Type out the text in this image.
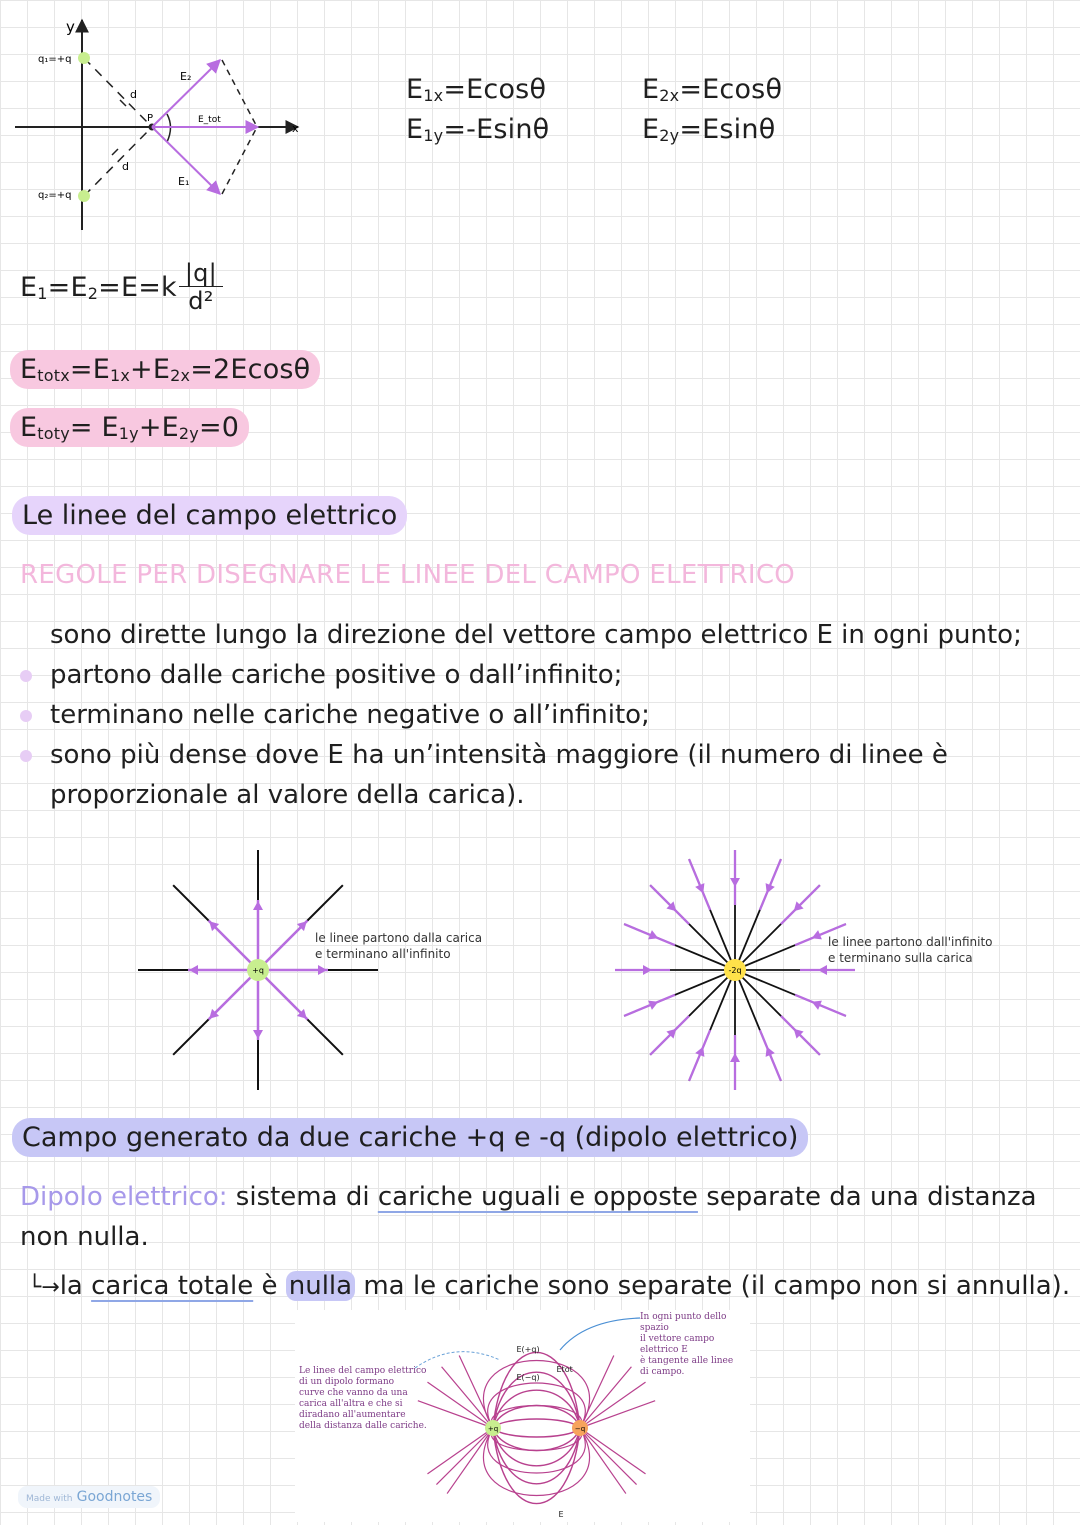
y
x
q₁=+q
q₂=+q
d
d
P
E₂
E₁
E_tot
E1x=Ecosθ
E1y=-Esinθ
E2x=Ecosθ
E2y=Esinθ
$E1=E2=E=k \frac{|q|}{\text{d²}}$
Etotx=E1x+E2x=2Ecosθ
Etoty= E1y+E2y=0
Le linee del campo elettrico
REGOLE PER DISEGNARE LE LINEE DEL CAMPO ELETTRICO
sono dirette lungo la direzione del vettore campo elettrico E in ogni punto;
partono dalle cariche positive o dall’infinito;
terminano nelle cariche negative o all’infinito;
sono più dense dove E ha un’intensità maggiore (il numero di linee è
proporzionale al valore della carica).
+q
le linee partono dalla carica
e terminano all'infinito
-2q
le linee partono dall'infinito
e terminano sulla carica
Campo generato da due cariche +q e -q (dipolo elettrico)
Dipolo elettrico: sistema di cariche uguali e opposte separate da una distanza
non nulla.
└→la carica totale è nulla ma le cariche sono separate (il campo non si annulla).
+q	−q
E(+q)
E(−q)
Etot
E
Le linee del campo elettrico
di un dipolo formano
curve che vanno da una
carica all'altra e che si
diradano all'aumentare
della distanza dalle cariche.
In ogni punto dello spazio
il vettore campo elettrico E
è tangente alle linee
di campo.
Made with Goodnotes
